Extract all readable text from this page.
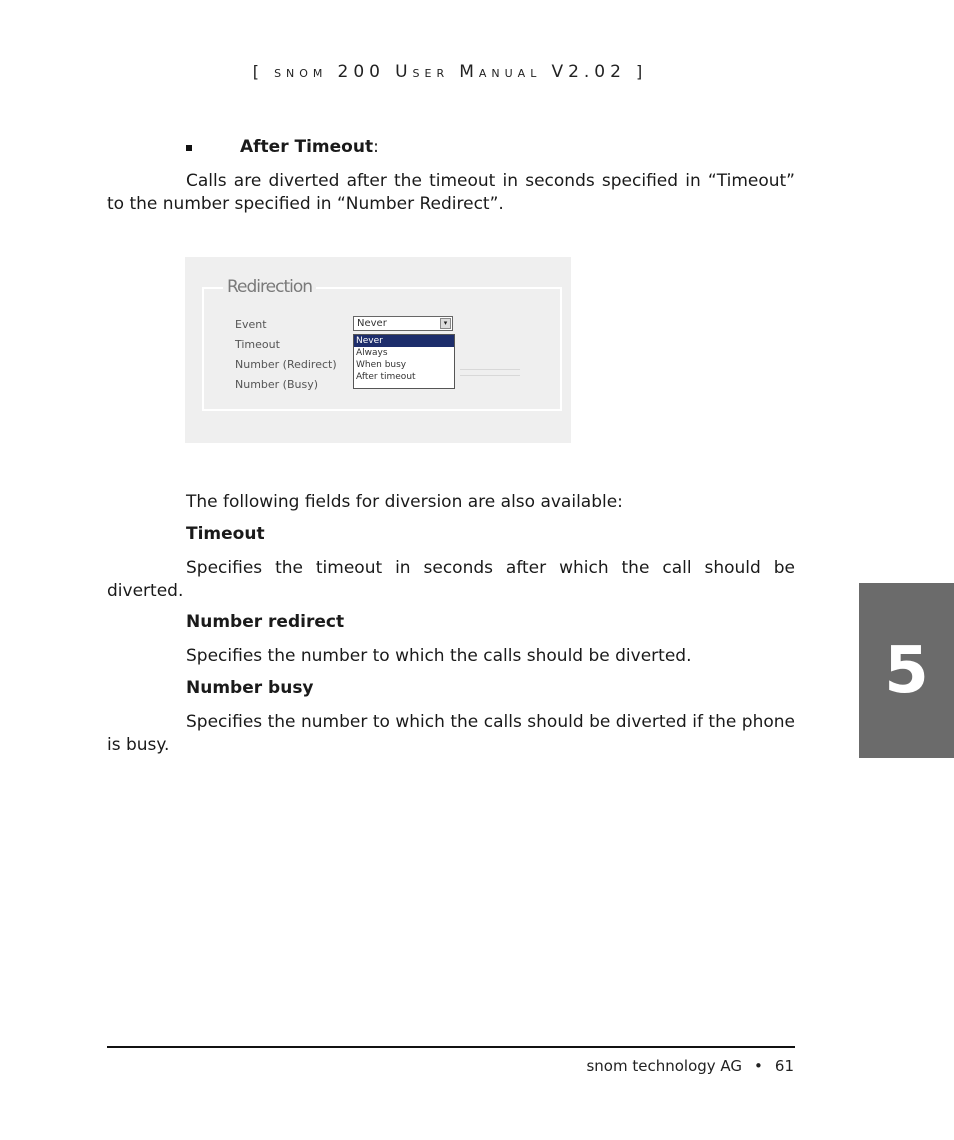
[ SNOM 200 USER MANUAL V2.02 ]
After Timeout:
Calls are diverted after the timeout in seconds specified in “Timeout” to the number specified in “Number Redirect”.
Redirection
Event
Timeout
Number (Redirect)
Number (Busy)
Never	▾
Never
Always
When busy
After timeout
The following fields for diversion are also available:
Timeout
Specifies the timeout in seconds after which the call should be diverted.
Number redirect
Specifies the number to which the calls should be diverted.
Number busy
Specifies the number to which the calls should be diverted if the phone is busy.
5
snom technology AG • 61
